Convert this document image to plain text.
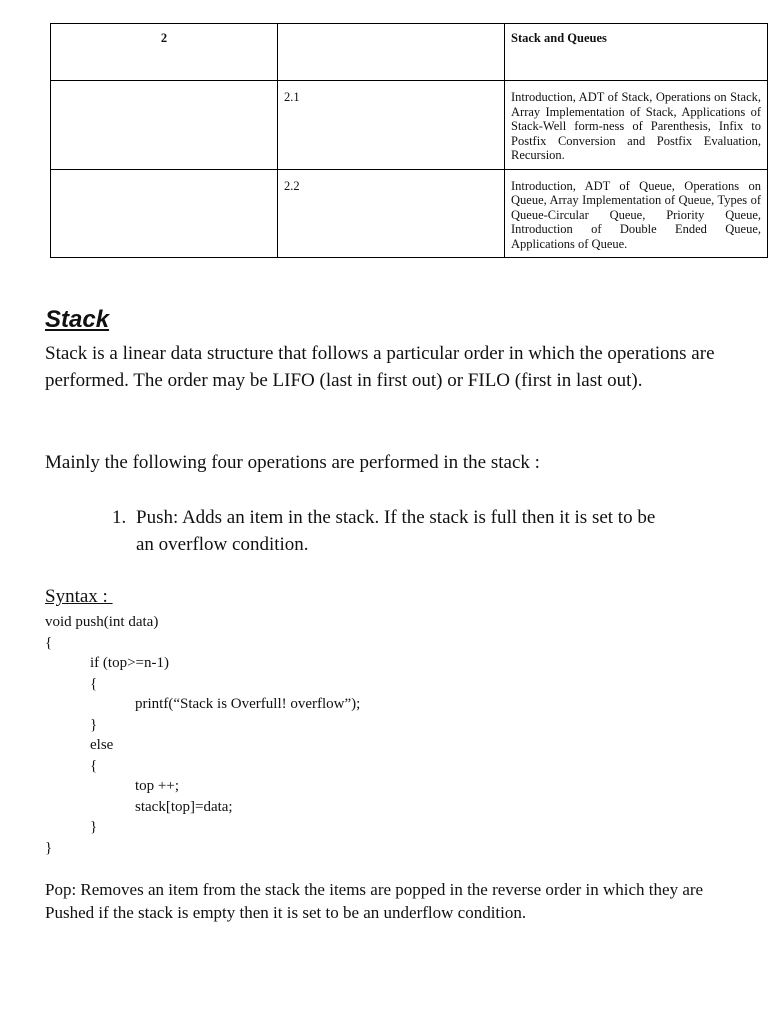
2		Stack and Queues
	2.1	Introduction, ADT of Stack, Operations on Stack, Array Implementation of Stack, Applications of Stack-Well form-ness of Parenthesis, Infix to Postfix Conversion and Postfix Evaluation, Recursion.
	2.2	Introduction, ADT of Queue, Operations on Queue, Array Implementation of Queue, Types of Queue-Circular Queue, Priority Queue, Introduction of Double Ended Queue, Applications of Queue.
Stack

Stack is a linear data structure that follows a particular order in which the operations are performed. The order may be LIFO (last in first out) or FILO (first in last out).

Mainly the following four operations are performed in the stack :

1. Push: Adds an item in the stack. If the stack is full then it is set to be an overflow condition.

Syntax :

void push(int data)
{
if (top>=n-1)
{
printf(“Stack is Overfull! overflow”);
}
else
{
top ++;
stack[top]=data;
}
}

Pop: Removes an item from the stack the items are popped in the reverse order in which they are Pushed if the stack is empty then it is set to be an underflow condition.
